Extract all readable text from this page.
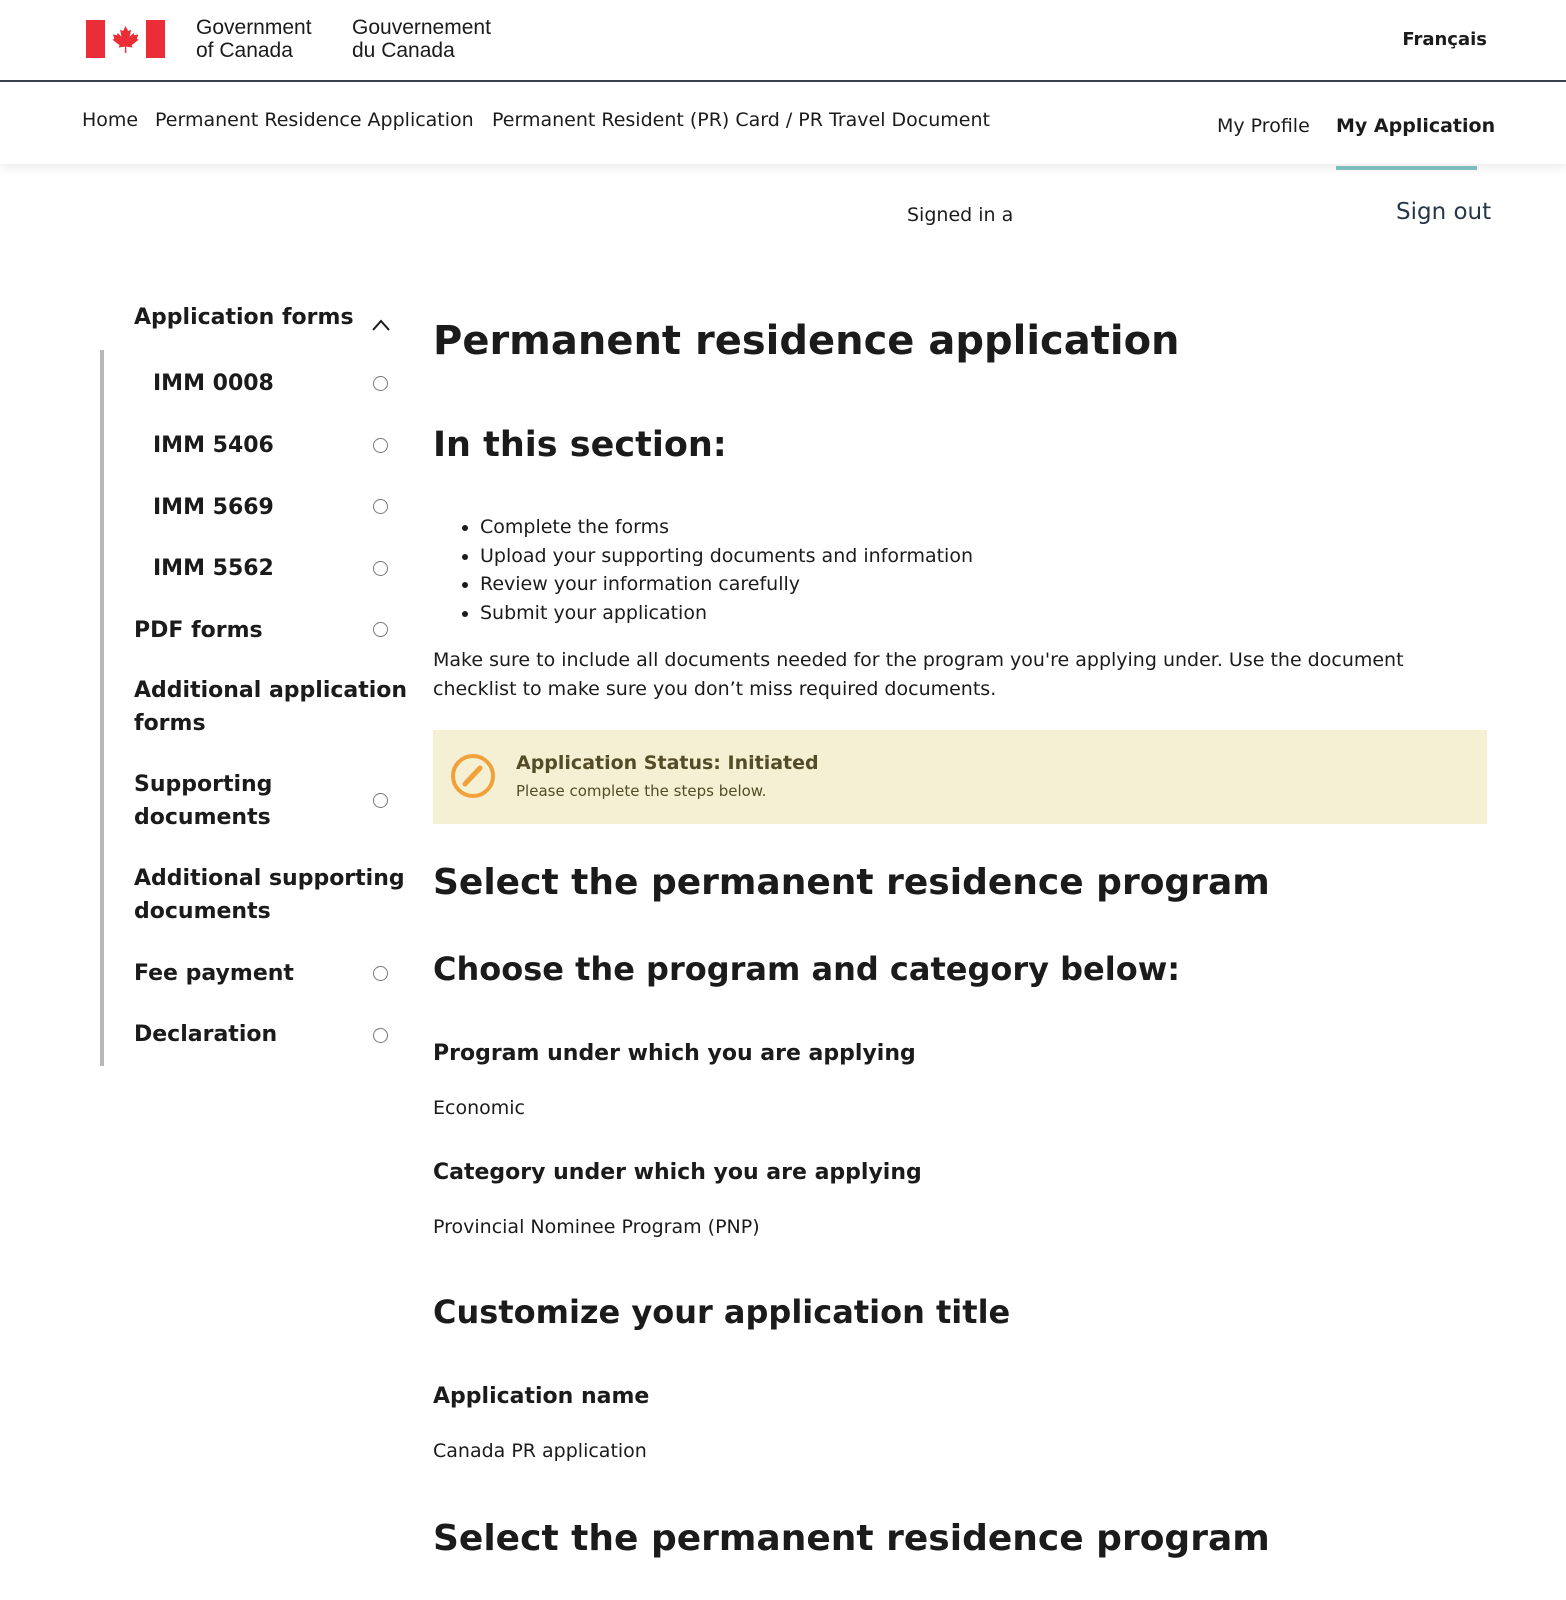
Government
of Canada
Gouvernement
du Canada	Français
Home Permanent Residence Application Permanent Resident (PR) Card / PR Travel Document	My Profile My Application
Signed in a	Sign out
Application forms
IMM 0008
IMM 5406
IMM 5669
IMM 5562
PDF forms
Additional application
forms
Supporting
documents
Additional supporting
documents
Fee payment
Declaration
Permanent residence application
In this section:
• Complete the forms
• Upload your supporting documents and information
• Review your information carefully
• Submit your application

Make sure to include all documents needed for the program you're applying under. Use the document checklist to make sure you don’t miss required documents.

Application Status: Initiated
Please complete the steps below.
Select the permanent residence program
Choose the program and category below:
Program under which you are applying
Economic
Category under which you are applying
Provincial Nominee Program (PNP)
Customize your application title
Application name
Canada PR application
Select the permanent residence program
